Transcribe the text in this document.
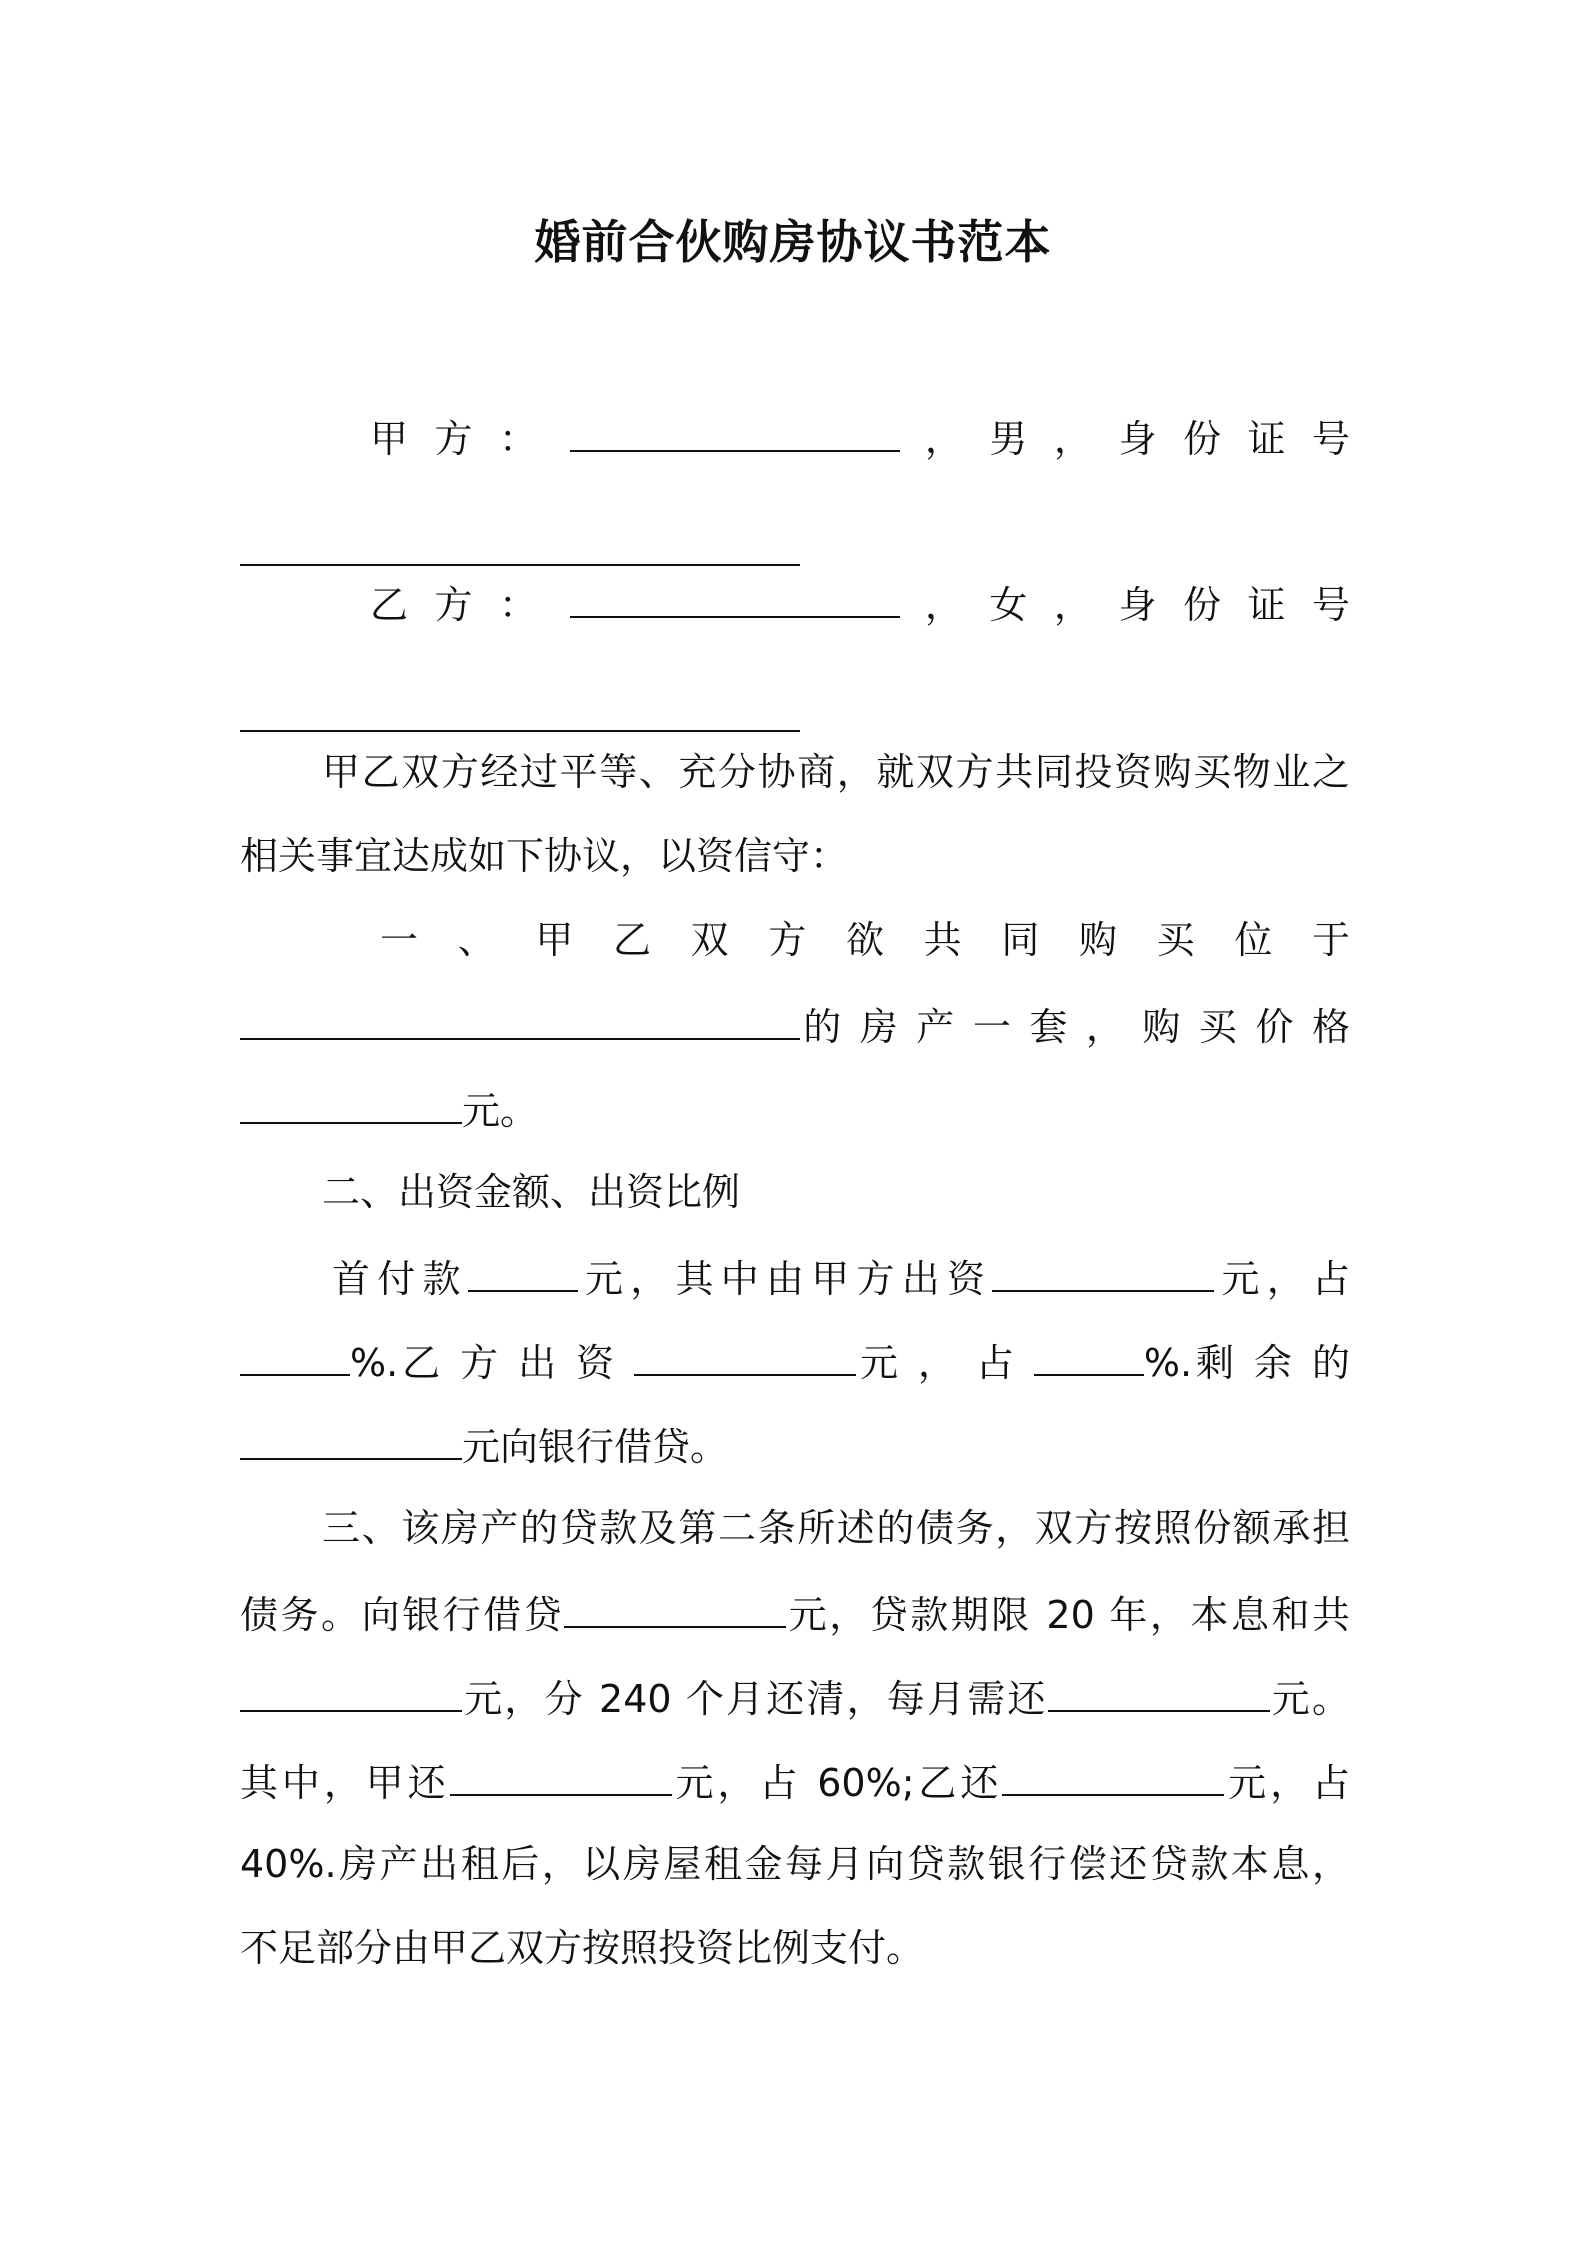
婚前合伙购房协议书范本
甲 方 ：	， 男 ， 身 份 证 号
乙 方 ：	， 女 ， 身 份 证 号
甲乙双方经过平等、充分协商，就双方共同投资购买物业之
相关事宜达成如下协议，以资信守：
一 、 甲 乙 双 方 欲 共 同 购 买 位 于
的 房 产 一 套 ， 购 买 价 格
元。
二、出资金额、出资比例
首付款	元，其中由甲方出资	元，占
%.乙 方 出 资	元 ， 占	%.剩 余 的
元向银行借贷。
三、该房产的贷款及第二条所述的债务，双方按照份额承担
债务。向银行借贷	元，贷款期限 20 年，本息和共
元，分 240 个月还清，每月需还	元。
其中，甲还	元，占 60%;乙还	元，占
40%.房产出租后，以房屋租金每月向贷款银行偿还贷款本息，
不足部分由甲乙双方按照投资比例支付。
